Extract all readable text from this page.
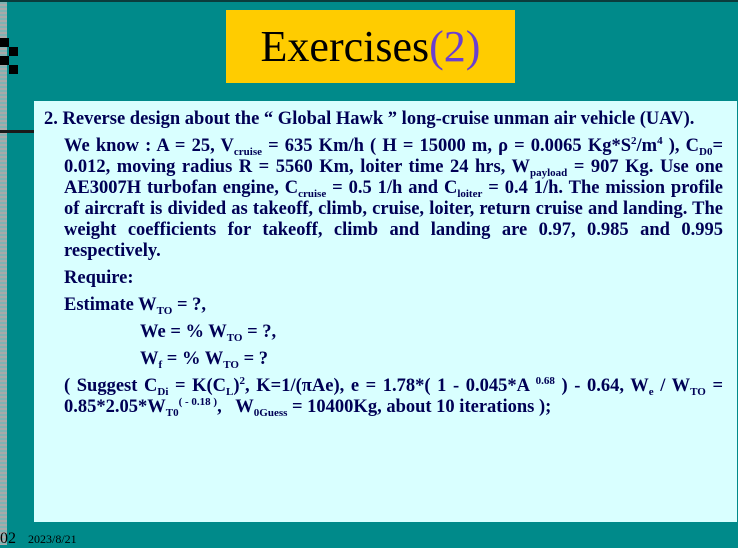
Exercises (2)

2. Reverse design about the “ Global Hawk ” long-cruise unman air vehicle (UAV).

We know : A = 25, $V_{cruise} = 635$ Km/h ( H = 15000 m, ρ = 0.0065 $Kg*S^2/m^4$ ), $C_{D0}= 0.012$, moving radius R = 5560 Km, loiter time 24 hrs, $W_{payload} = 907$ Kg. Use one AE3007H turbofan engine, $C_{cruise} = 0.5$ 1/h and $C_{loiter} = 0.4$ 1/h. The mission profile of aircraft is divided as takeoff, climb, cruise, loiter, return cruise and landing. The weight coefficients for takeoff, climb and landing are 0.97, 0.985 and 0.995 respectively.

Require:

Estimate $W_{TO}$ = ?,

We = % $W_{TO}$ = ?,

$W_f$ = % $W_{TO}$ = ?

( Suggest $C_{Di} = K(C_L)^2$, K=1/(πAe), e = 1.78*( 1 - 0.045*A $^{0.68}$ ) - 0.64, $W_e / W_{TO} = 0.85*2.05*W_{T0}^{( - 0.18 )}$,   $W_{0Guess} = 10400Kg$, about 10 iterations );

02 2023/8/21
